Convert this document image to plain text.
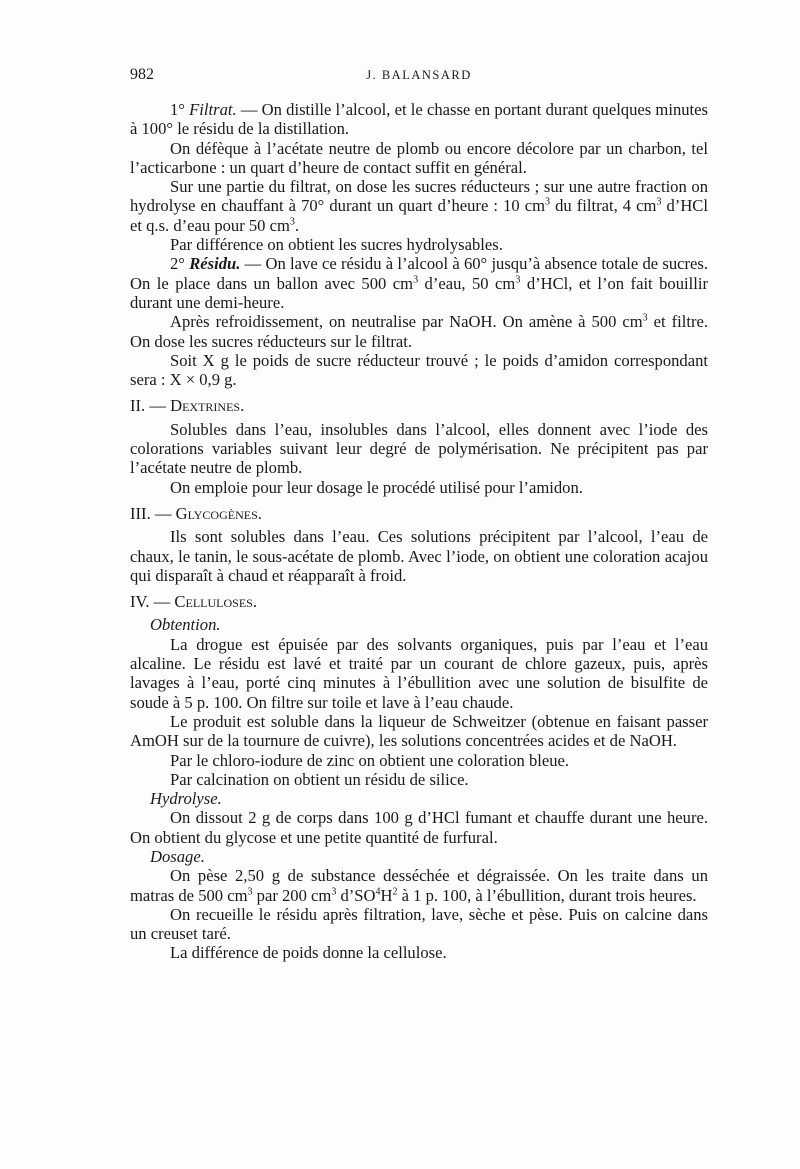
982	J. BALANSARD

1° Filtrat. — On distille l’alcool, et le chasse en portant durant quelques minutes à 100° le résidu de la distillation.

On défèque à l’acétate neutre de plomb ou encore décolore par un charbon, tel l’acticarbone : un quart d’heure de contact suffit en général.

Sur une partie du filtrat, on dose les sucres réducteurs ; sur une autre fraction on hydrolyse en chauffant à 70° durant un quart d’heure : 10 $cm^3$ du filtrat, 4 $cm^3$ d’HCl et q.s. d’eau pour 50 $cm^3$.

Par différence on obtient les sucres hydrolysables.

2° Résidu. — On lave ce résidu à l’alcool à 60° jusqu’à absence totale de sucres. On le place dans un ballon avec 500 $cm^3$ d’eau, 50 $cm^3$ d’HCl, et l’on fait bouillir durant une demi-heure.

Après refroidissement, on neutralise par NaOH. On amène à 500 $cm^3$ et filtre. On dose les sucres réducteurs sur le filtrat.

Soit X g le poids de sucre réducteur trouvé ; le poids d’amidon correspondant sera : X × 0,9 g.

II. — Dextrines.

Solubles dans l’eau, insolubles dans l’alcool, elles donnent avec l’iode des colorations variables suivant leur degré de polymérisation. Ne précipitent pas par l’acétate neutre de plomb.

On emploie pour leur dosage le procédé utilisé pour l’amidon.

III. — Glycogènes.

Ils sont solubles dans l’eau. Ces solutions précipitent par l’alcool, l’eau de chaux, le tanin, le sous-acétate de plomb. Avec l’iode, on obtient une coloration acajou qui disparaît à chaud et réapparaît à froid.

IV. — Celluloses.

Obtention.

La drogue est épuisée par des solvants organiques, puis par l’eau et l’eau alcaline. Le résidu est lavé et traité par un courant de chlore gazeux, puis, après lavages à l’eau, porté cinq minutes à l’ébullition avec une solution de bisulfite de soude à 5 p. 100. On filtre sur toile et lave à l’eau chaude.

Le produit est soluble dans la liqueur de Schweitzer (obtenue en faisant passer AmOH sur de la tournure de cuivre), les solutions concentrées acides et de NaOH.

Par le chloro-iodure de zinc on obtient une coloration bleue.

Par calcination on obtient un résidu de silice.

Hydrolyse.

On dissout 2 g de corps dans 100 g d’HCl fumant et chauffe durant une heure. On obtient du glycose et une petite quantité de furfural.

Dosage.

On pèse 2,50 g de substance desséchée et dégraissée. On les traite dans un matras de 500 $cm^3$ par 200 $cm^3$ $d’SO^4H^2$ à 1 p. 100, à l’ébullition, durant trois heures.

On recueille le résidu après filtration, lave, sèche et pèse. Puis on calcine dans un creuset taré.

La différence de poids donne la cellulose.
